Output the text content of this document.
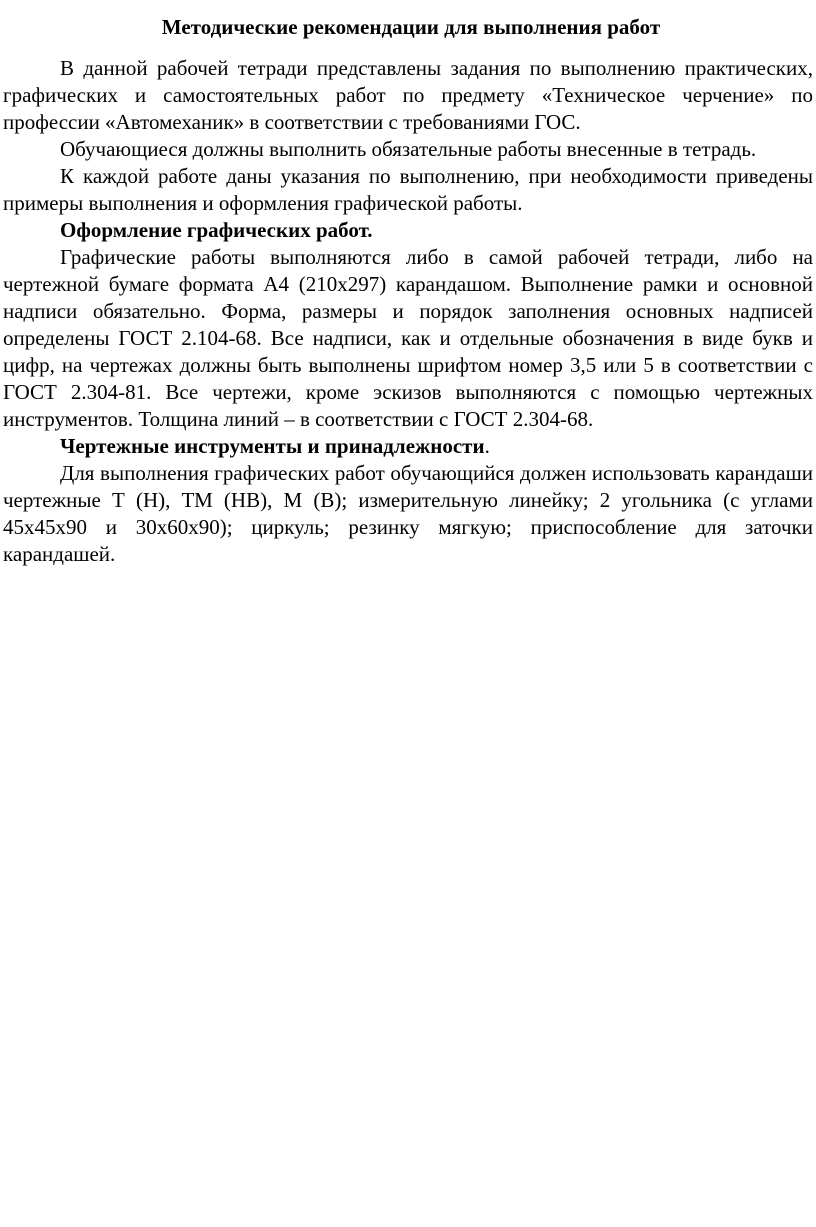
Методические рекомендации для выполнения работ

В данной рабочей тетради представлены задания по выполнению практических, графических и самостоятельных работ по предмету «Техническое черчение» по профессии «Автомеханик» в соответствии с требованиями ГОС.

Обучающиеся должны выполнить обязательные работы внесенные в тетрадь.

К каждой работе даны указания по выполнению, при необходимости приведены примеры выполнения и оформления графической работы.

Оформление графических работ.

Графические работы выполняются либо в самой рабочей тетради, либо на чертежной бумаге формата А4 (210х297) карандашом. Выполнение рамки и основной надписи обязательно. Форма, размеры и порядок заполнения основных надписей определены ГОСТ 2.104-68. Все надписи, как и отдельные обозначения в виде букв и цифр, на чертежах должны быть выполнены шрифтом номер 3,5 или 5 в соответствии с ГОСТ 2.304-81. Все чертежи, кроме эскизов выполняются с помощью чертежных инструментов. Толщина линий – в соответствии с ГОСТ 2.304-68.

Чертежные инструменты и принадлежности.

Для выполнения графических работ обучающийся должен использовать карандаши чертежные Т (Н), ТМ (НВ), М (В); измерительную линейку; 2 угольника (с углами 45х45х90 и 30х60х90); циркуль; резинку мягкую; приспособление для заточки карандашей.
